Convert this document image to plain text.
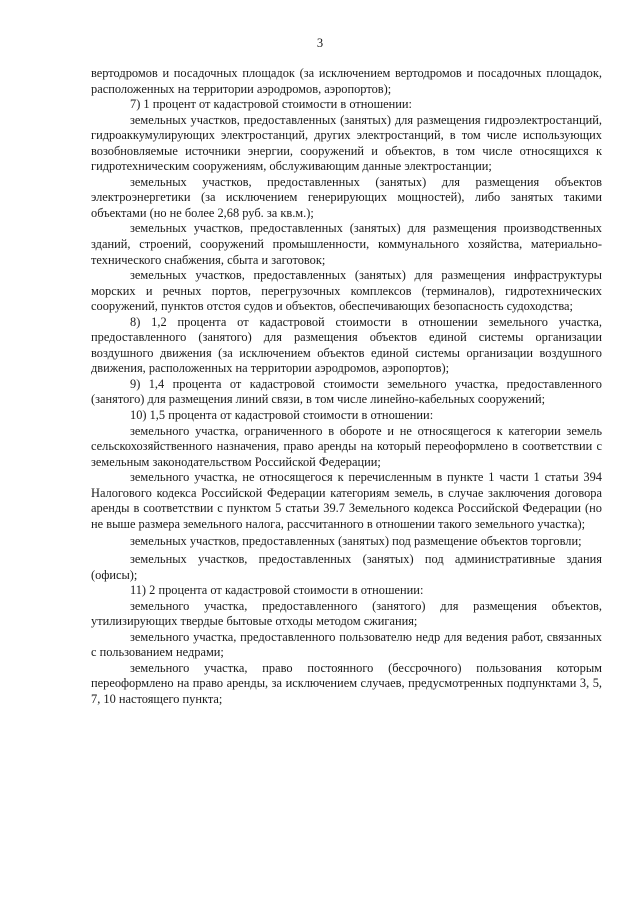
3

вертодромов и посадочных площадок (за исключением вертодромов и посадочных площадок, расположенных на территории аэродромов, аэропортов);

7) 1 процент от кадастровой стоимости в отношении:

земельных участков, предоставленных (занятых) для размещения гидроэлектростанций, гидроаккумулирующих электростанций, других электростанций, в том числе использующих возобновляемые источники энергии, сооружений и объектов, в том числе относящихся к гидротехническим сооружениям, обслуживающим данные электростанции;

земельных участков, предоставленных (занятых) для размещения объектов электроэнергетики (за исключением генерирующих мощностей), либо занятых такими объектами (но не более 2,68 руб. за кв.м.);

земельных участков, предоставленных (занятых) для размещения производственных зданий, строений, сооружений промышленности, коммунального хозяйства, материально-технического снабжения, сбыта и заготовок;

земельных участков, предоставленных (занятых) для размещения инфраструктуры морских и речных портов, перегрузочных комплексов (терминалов), гидротехнических сооружений, пунктов отстоя судов и объектов, обеспечивающих безопасность судоходства;

8) 1,2 процента от кадастровой стоимости в отношении земельного участка, предоставленного (занятого) для размещения объектов единой системы организации воздушного движения (за исключением объектов единой системы организации воздушного движения, расположенных на территории аэродромов, аэропортов);

9) 1,4 процента от кадастровой стоимости земельного участка, предоставленного (занятого) для размещения линий связи, в том числе линейно-кабельных сооружений;

10) 1,5 процента от кадастровой стоимости в отношении:

земельного участка, ограниченного в обороте и не относящегося к категории земель сельскохозяйственного назначения, право аренды на который переоформлено в соответствии с земельным законодательством Российской Федерации;

земельного участка, не относящегося к перечисленным в пункте 1 части 1 статьи 394 Налогового кодекса Российской Федерации категориям земель, в случае заключения договора аренды в соответствии с пунктом 5 статьи 39.7 Земельного кодекса Российской Федерации (но не выше размера земельного налога, рассчитанного в отношении такого земельного участка);

земельных участков, предоставленных (занятых) под размещение объектов торговли;

земельных участков, предоставленных (занятых) под административные здания (офисы);

11) 2 процента от кадастровой стоимости в отношении:

земельного участка, предоставленного (занятого) для размещения объектов, утилизирующих твердые бытовые отходы методом сжигания;

земельного участка, предоставленного пользователю недр для ведения работ, связанных с пользованием недрами;

земельного участка, право постоянного (бессрочного) пользования которым переоформлено на право аренды, за исключением случаев, предусмотренных подпунктами 3, 5, 7, 10 настоящего пункта;
